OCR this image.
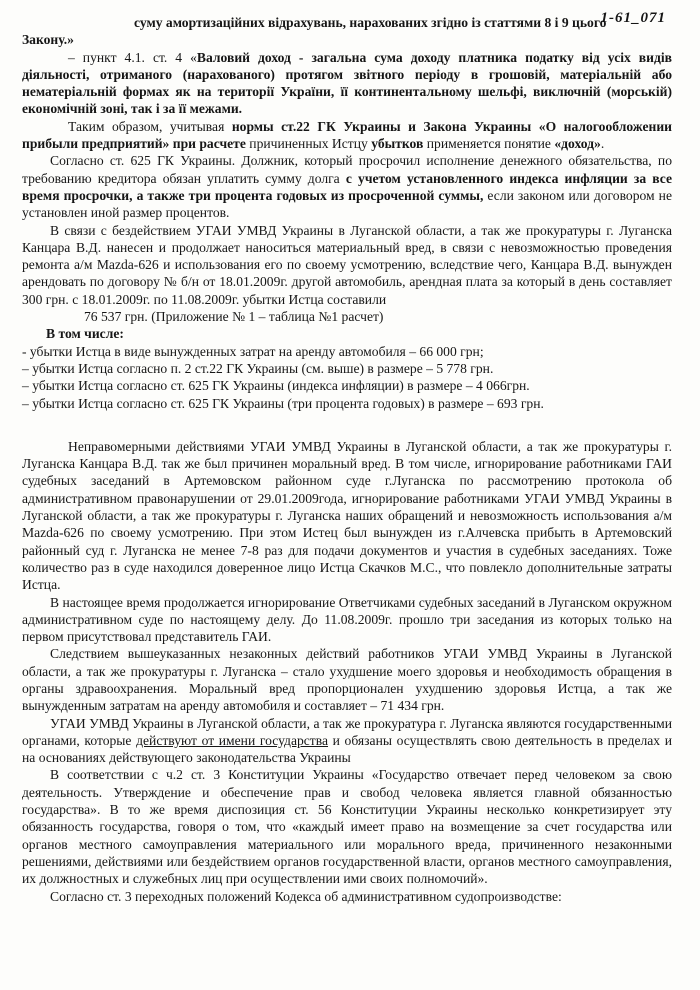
1-61_071

суму амортизаційних відрахувань, нарахованих згідно із статтями 8 і 9 цього

Закону.»

– пункт 4.1. ст. 4 «Валовий доход - загальна сума доходу платника податку від усіх видів діяльності, отриманого (нарахованого) протягом звітного періоду в грошовій, матеріальній або нематеріальній формах як на території України, її континентальному шельфі, виключній (морській) економічній зоні, так і за її межами.

Таким образом, учитывая нормы ст.22 ГК Украины и Закона Украины «О налогообложении прибыли предприятий» при расчете причиненных Истцу убытков применяется понятие «доход».

Согласно ст. 625 ГК Украины. Должник, который просрочил исполнение денежного обязательства, по требованию кредитора обязан уплатить сумму долга с учетом установленного индекса инфляции за все время просрочки, а также три процента годовых из просроченной суммы, если законом или договором не установлен иной размер процентов.

В связи с бездействием УГАИ УМВД Украины в Луганской области, а так же прокуратуры г. Луганска Канцара В.Д. нанесен и продолжает наноситься материальный вред, в связи с невозможностью проведения ремонта а/м Mazda-626 и использования его по своему усмотрению, вследствие чего, Канцара В.Д. вынужден арендовать по договору № б/н от 18.01.2009г. другой автомобиль, арендная плата за который в день составляет 300 грн. с 18.01.2009г. по 11.08.2009г. убытки Истца составили

76 537 грн. (Приложение № 1 – таблица №1 расчет)

В том числе:

- убытки Истца в виде вынужденных затрат на аренду автомобиля – 66 000 грн;

– убытки Истца согласно п. 2 ст.22 ГК Украины (см. выше) в размере – 5 778 грн.

– убытки Истца согласно ст. 625 ГК Украины (индекса инфляции) в размере – 4 066грн.

– убытки Истца согласно ст. 625 ГК Украины (три процента годовых) в размере – 693 грн.

Неправомерными действиями УГАИ УМВД Украины в Луганской области, а так же прокуратуры г. Луганска Канцара В.Д. так же был причинен моральный вред. В том числе, игнорирование работниками ГАИ судебных заседаний в Артемовском районном суде г.Луганска по рассмотрению протокола об административном правонарушении от 29.01.2009года, игнорирование работниками УГАИ УМВД Украины в Луганской области, а так же прокуратуры г. Луганска наших обращений и невозможность использования а/м Mazda-626 по своему усмотрению. При этом Истец был вынужден из г.Алчевска прибыть в Артемовский районный суд г. Луганска не менее 7-8 раз для подачи документов и участия в судебных заседаниях. Тоже количество раз в суде находился доверенное лицо Истца Скачков М.С., что повлекло дополнительные затраты Истца.

В настоящее время продолжается игнорирование Ответчиками судебных заседаний в Луганском окружном административном суде по настоящему делу. До 11.08.2009г. прошло три заседания из которых только на первом присутствовал представитель ГАИ.

Следствием вышеуказанных незаконных действий работников УГАИ УМВД Украины в Луганской области, а так же прокуратуры г. Луганска – стало ухудшение моего здоровья и необходимость обращения в органы здравоохранения. Моральный вред пропорционален ухудшению здоровья Истца, а так же вынужденным затратам на аренду автомобиля и составляет – 71 434 грн.

УГАИ УМВД Украины в Луганской области, а так же прокуратура г. Луганска являются государственными органами, которые действуют от имени государства и обязаны осуществлять свою деятельность в пределах и на основаниях действующего законодательства Украины

В соответствии с ч.2 ст. 3 Конституции Украины «Государство отвечает перед человеком за свою деятельность. Утверждение и обеспечение прав и свобод человека является главной обязанностью государства». В то же время диспозиция ст. 56 Конституции Украины несколько конкретизирует эту обязанность государства, говоря о том, что «каждый имеет право на возмещение за счет государства или органов местного самоуправления материального или морального вреда, причиненного незаконными решениями, действиями или бездействием органов государственной власти, органов местного самоуправления, их должностных и служебных лиц при осуществлении ими своих полномочий».

Согласно ст. 3 переходных положений Кодекса об административном судопроизводстве:
